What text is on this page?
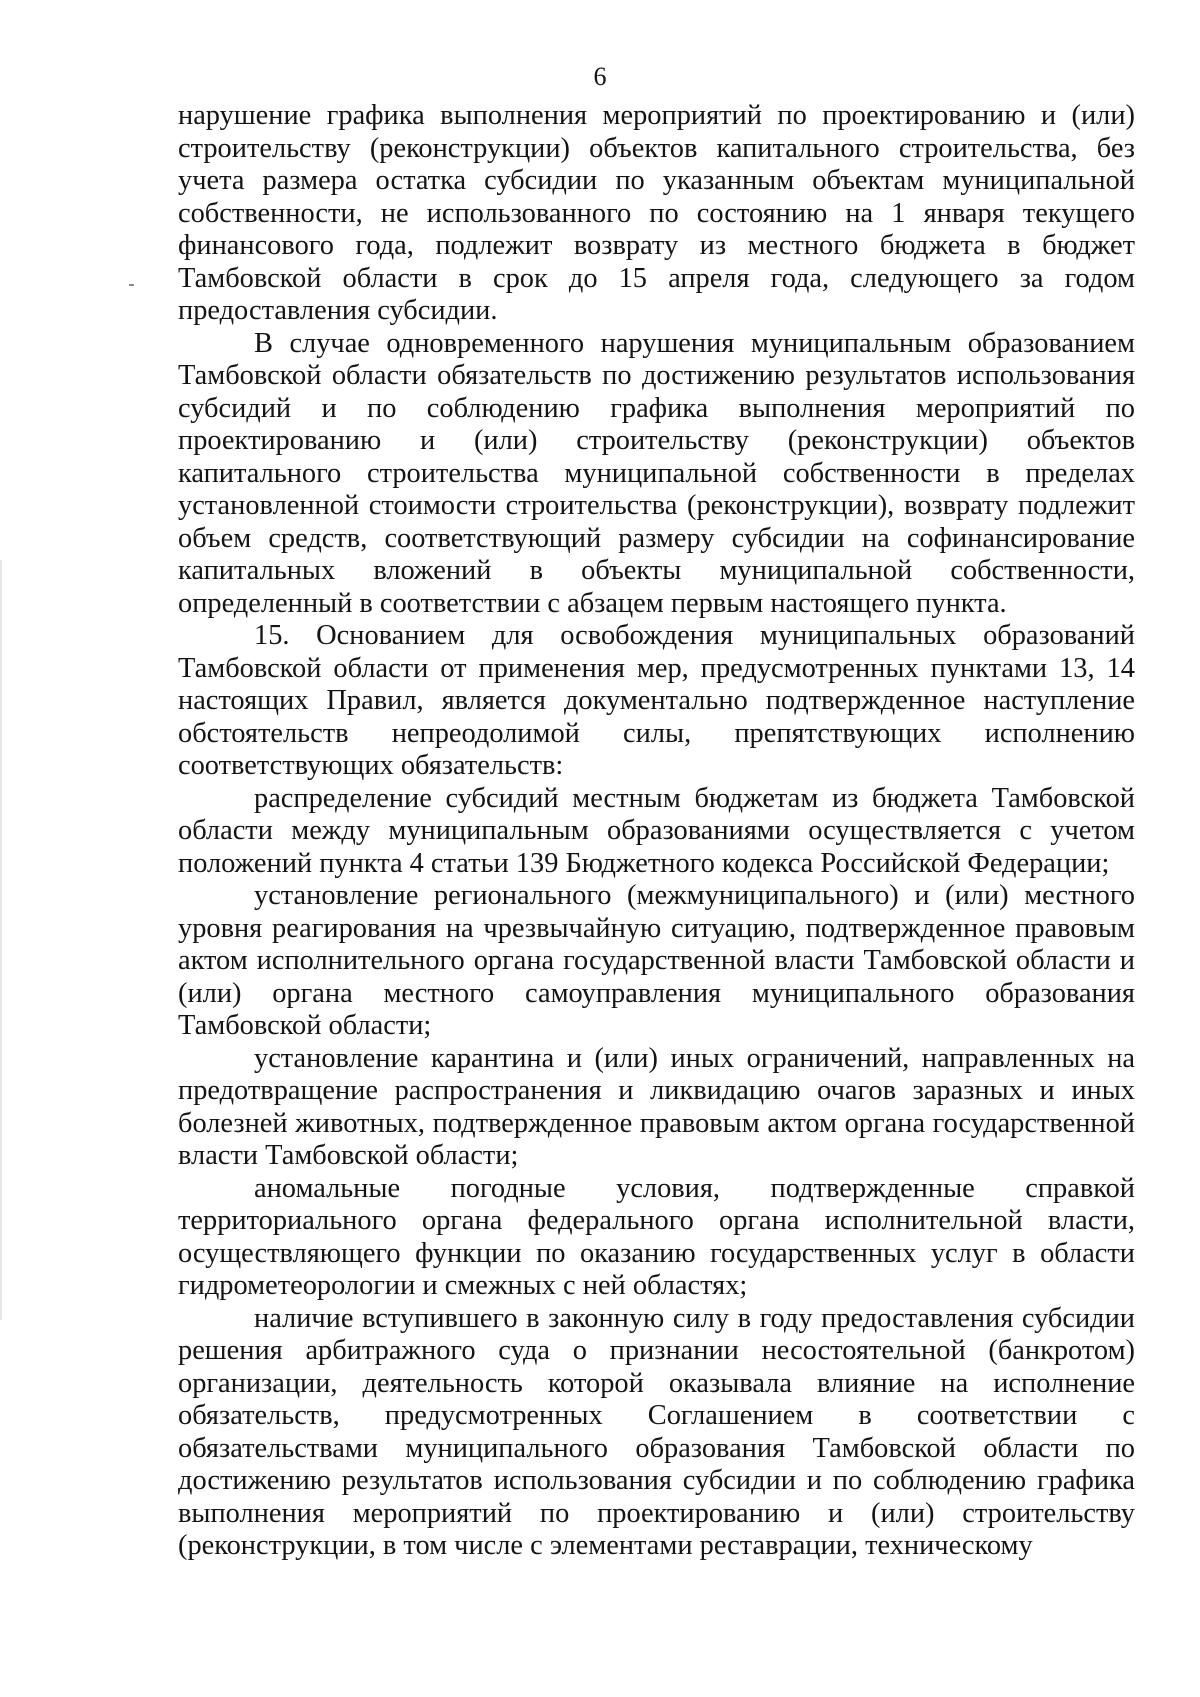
6

нарушение графика выполнения мероприятий по проектированию и (или) строительству (реконструкции) объектов капитального строительства, без учета размера остатка субсидии по указанным объектам муниципальной собственности, не использованного по состоянию на 1 января текущего финансового года, подлежит возврату из местного бюджета в бюджет Тамбовской области в срок до 15 апреля года, следующего за годом предоставления субсидии.

В случае одновременного нарушения муниципальным образованием Тамбовской области обязательств по достижению результатов использования субсидий и по соблюдению графика выполнения мероприятий по проектированию и (или) строительству (реконструкции) объектов капитального строительства муниципальной собственности в пределах установленной стоимости строительства (реконструкции), возврату подлежит объем средств, соответствующий размеру субсидии на софинансирование капитальных вложений в объекты муниципальной собственности, определенный в соответствии с абзацем первым настоящего пункта.

15. Основанием для освобождения муниципальных образований Тамбовской области от применения мер, предусмотренных пунктами 13, 14 настоящих Правил, является документально подтвержденное наступление обстоятельств непреодолимой силы, препятствующих исполнению соответствующих обязательств:

распределение субсидий местным бюджетам из бюджета Тамбовской области между муниципальным образованиями осуществляется с учетом положений пункта 4 статьи 139 Бюджетного кодекса Российской Федерации;

установление регионального (межмуниципального) и (или) местного уровня реагирования на чрезвычайную ситуацию, подтвержденное правовым актом исполнительного органа государственной власти Тамбовской области и (или) органа местного самоуправления муниципального образования Тамбовской области;

установление карантина и (или) иных ограничений, направленных на предотвращение распространения и ликвидацию очагов заразных и иных болезней животных, подтвержденное правовым актом органа государственной власти Тамбовской области;

аномальные погодные условия, подтвержденные справкой территориального органа федерального органа исполнительной власти, осуществляющего функции по оказанию государственных услуг в области гидрометеорологии и смежных с ней областях;

наличие вступившего в законную силу в году предоставления субсидии решения арбитражного суда о признании несостоятельной (банкротом) организации, деятельность которой оказывала влияние на исполнение обязательств, предусмотренных Соглашением в соответствии с обязательствами муниципального образования Тамбовской области по достижению результатов использования субсидии и по соблюдению графика выполнения мероприятий по проектированию и (или) строительству (реконструкции, в том числе с элементами реставрации, техническому
